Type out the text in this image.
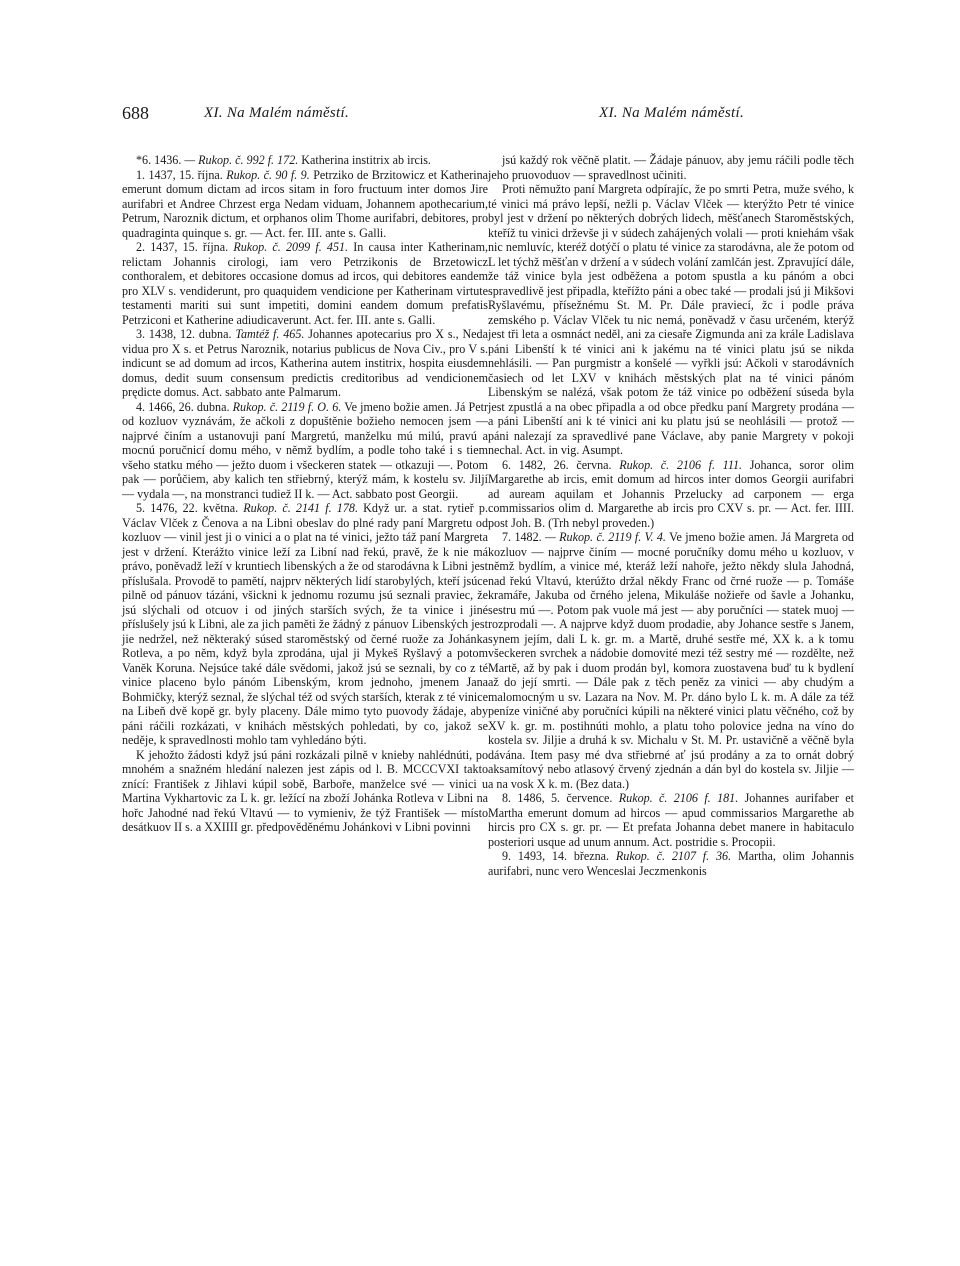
688	XI. Na Malém náměstí.	XI. Na Malém náměstí.

*6. 1436. — Rukop. č. 992 f. 172. Katherina institrix ab ircis.

1. 1437, 15. října. Rukop. č. 90 f. 9. Petrziko de Brzitowicz et Katherina emerunt domum dictam ad ircos sitam in foro fructuum inter domos Jire aurifabri et Andree Chrzest erga Nedam viduam, Johannem apothecarium, Petrum, Naroznik dictum, et orphanos olim Thome aurifabri, debitores, pro quadraginta quinque s. gr. — Act. fer. III. ante s. Galli.

2. 1437, 15. října. Rukop. č. 2099 f. 451. In causa inter Katherinam, relictam Johannis cirologi, iam vero Petrzikonis de Brzetowicz conthoralem, et debitores occasione domus ad ircos, qui debitores eandem pro XLV s. vendiderunt, pro quaquidem vendicione per Katherinam virtute testamenti mariti sui sunt impetiti, domini eandem domum prefatis Petrziconi et Katherine adiudicaverunt. Act. fer. III. ante s. Galli.

3. 1438, 12. dubna. Tamtéž f. 465. Johannes apotecarius pro X s., Neda vidua pro X s. et Petrus Naroznik, notarius publicus de Nova Civ., pro V s. indicunt se ad domum ad ircos, Katherina autem institrix, hospita eiusdem domus, dedit suum consensum predictis creditoribus ad vendicionem prędicte domus. Act. sabbato ante Palmarum.

4. 1466, 26. dubna. Rukop. č. 2119 f. O. 6. Ve jmeno božie amen. Já Petr od kozluov vyznávám, že ačkoli z dopuštěnie božieho nemocen jsem — najprvé činím a ustanovuji paní Margretú, manželku mú milú, pravú a mocnú poručnicí domu mého, v němž bydlím, a podle toho také i s tiem všeho statku mého — ježto duom i všeckeren statek — otkazuji —. Potom pak — porůčiem, aby kalich ten střiebrný, kterýž mám, k kostelu sv. Jiljí — vydala —, na monstranci tudiež II k. — Act. sabbato post Georgii.

5. 1476, 22. května. Rukop. č. 2141 f. 178. Když ur. a stat. rytieř p. Václav Vlček z Čenova a na Libni obeslav do plné rady paní Margretu od kozluov — vinil jest ji o vinici a o plat na té vinici, ježto táž paní Margreta jest v držení. Kterážto vinice leží za Libní nad řekú, pravě, že k nie má právo, poněvadž leží v kruntiech libenských a že od starodávna k Libni jest příslušala. Provodě to pamětí, najprv některých lidí starobylých, kteří jsúce pilně od pánuov tázáni, všickni k jednomu rozumu jsú seznali praviec, že jsú slýchali od otcuov i od jiných starších svých, že ta vinice i jiné příslušely jsú k Libni, ale za jich paměti že žádný z pánuov Libenských jest jie nedržel, než některaký súsed staroměstský od černé ruože za Johánka Rotleva, a po něm, když byla zprodána, ujal ji Mykeš Ryšlavý a potom Vaněk Koruna. Nejsúce také dále svědomi, jakož jsú se seznali, by co z té vinice placeno bylo pánóm Libenským, krom jednoho, jmenem Jana Bohmičky, kterýž seznal, že slýchal též od svých starších, kterak z té vinice na Libeň dvě kopě gr. byly placeny. Dále mimo tyto puovody žádaje, aby páni ráčili rozkázati, v knihách městských pohledati, by co, jakož se neděje, k spravedlnosti mohlo tam vyhledáno býti.

K jehožto žádosti když jsú páni rozkázali pilně v knieby nahlédnúti, po mnohém a snažném hledání nalezen jest zápis od l. B. MCCCVXI takto znící: František z Jihlavi kúpil sobě, Barboře, manželce své — vinici u Martina Vykhartovic za L k. gr. ležící na zboží Johánka Rotleva v Libni na hořc Jahodné nad řekú Vltavú — to vymieniv, že týž František — místo desátkuov II s. a XXIIII gr. předpověděnému Johánkovi v Libni povinni

jsú každý rok věčně platit. — Žádaje pánuov, aby jemu ráčili podle těch jeho pruovoduov — spravedlnost učiniti.

Proti němužto paní Margreta odpírajíc, že po smrti Petra, muže svého, k té vinici má právo lepší, nežli p. Václav Vlček — kterýžto Petr té vinice byl jest v držení po některých dobrých lidech, měšťanech Staroměstských, kteříž tu vinici drževše ji v súdech zahájených volali — proti kniehám však nic nemluvíc, kteréž dotýčí o platu té vinice za starodávna, ale že potom od L let týchž měšťan v držení a v súdech volání zamlčán jest. Zpravující dále, že táž vinice byla jest odběžena a potom spustla a ku pánóm a obci spravedlivě jest připadla, kteřížto páni a obec také — prodali jsú ji Mikšovi Ryšlavému, přísežnému St. M. Pr. Dále praviecí, žc i podle práva zemského p. Václav Vlček tu nic nemá, poněvadž v času určeném, kterýž jest tři leta a osmnáct neděl, ani za ciesaře Zigmunda ani za krále Ladislava páni Libenští k té vinici ani k jakému na té vinici platu jsú se nikda nehlásili. — Pan purgmistr a konšelé — vyřkli jsú: Ačkoli v starodávních časiech od let LXV v knihách městských plat na té vinici pánóm Libenským se nalézá, však potom že táž vinice po odběžení súseda byla jest zpustlá a na obec připadla a od obce předku paní Margrety prodána — a páni Libenští ani k té vinici ani ku platu jsú se neohlásili — protož — páni nalezají za spravedlivé pane Václave, aby panie Margrety v pokoji nechal. Act. in vig. Asumpt.

6. 1482, 26. června. Rukop. č. 2106 f. 111. Johanca, soror olim Margarethe ab ircis, emit domum ad hircos inter domos Georgii aurifabri ad auream aquilam et Johannis Przelucky ad carponem — erga commissarios olim d. Margarethe ab ircis pro CXV s. pr. — Act. fer. IIII. post Joh. B. (Trh nebyl proveden.)

7. 1482. — Rukop. č. 2119 f. V. 4. Ve jmeno božie amen. Já Margreta od kozluov — najprve činím — mocné poručníky domu mého u kozluov, v němž bydlím, a vinice mé, kteráž leží nahoře, ježto někdy slula Jahodná, nad řekú Vltavú, kterúžto držal někdy Franc od črné ruože — p. Tomáše kramáře, Jakuba od črného jelena, Mikuláše nožieře od šavle a Johanku, sestru mú —. Potom pak vuole má jest — aby poručníci — statek muoj — rozprodali —. A najprve když duom prodadie, aby Johance sestře s Janem, synem jejím, dali L k. gr. m. a Martě, druhé sestře mé, XX k. a k tomu všeckeren svrchek a nádobie domovité mezi též sestry mé — rozdělte, než Martě, až by pak i duom prodán byl, komora zuostavena buď tu k bydlení až do její smrti. — Dále pak z těch peněz za vinici — aby chudým a malomocným u sv. Lazara na Nov. M. Pr. dáno bylo L k. m. A dále za též peníze viničné aby poručníci kúpili na některé vinici platu věčného, což by XV k. gr. m. postihnúti mohlo, a platu toho polovice jedna na víno do kostela sv. Jiljie a druhá k sv. Michalu v St. M. Pr. ustavičně a věčně byla dávána. Item pasy mé dva střiebrné ať jsú prodány a za to ornát dobrý aksamítový nebo atlasový črvený zjednán a dán byl do kostela sv. Jiljie — a na vosk X k. m. (Bez data.)

8. 1486, 5. července. Rukop. č. 2106 f. 181. Johannes aurifaber et Martha emerunt domum ad hircos — apud commissarios Margarethe ab hircis pro CX s. gr. pr. — Et prefata Johanna debet manere in habitaculo posteriori usque ad unum annum. Act. postridie s. Procopii.

9. 1493, 14. března. Rukop. č. 2107 f. 36. Martha, olim Johannis aurifabri, nunc vero Wenceslai Jeczmenkonis
